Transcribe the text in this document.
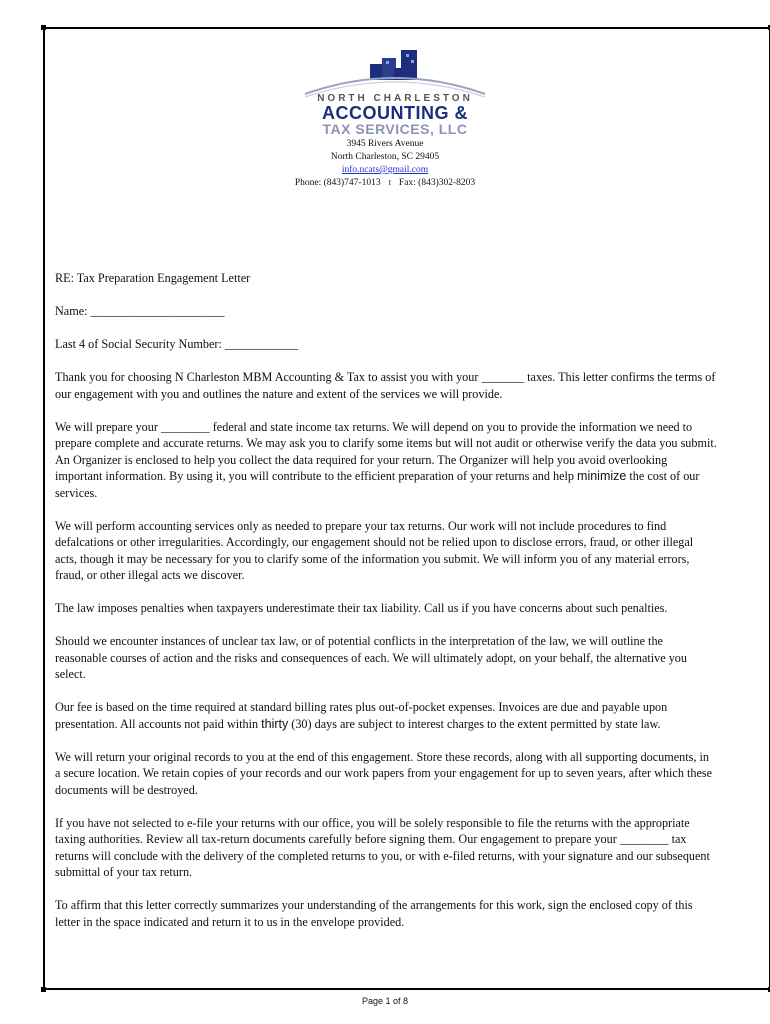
NORTH CHARLESTON
ACCOUNTING &
TAX SERVICES, LLC
3945 Rivers Avenue
North Charleston, SC 29405
info.ncats@gmail.com
Phone: (843)747-1013 I Fax: (843)302-8203

RE: Tax Preparation Engagement Letter

Name: ______________________

Last 4 of Social Security Number: ____________

Thank you for choosing N Charleston MBM Accounting & Tax to assist you with your _______ taxes. This letter confirms the terms of our engagement with you and outlines the nature and extent of the services we will provide.

We will prepare your ________ federal and state income tax returns. We will depend on you to provide the information we need to prepare complete and accurate returns. We may ask you to clarify some items but will not audit or otherwise verify the data you submit. An Organizer is enclosed to help you collect the data required for your return. The Organizer will help you avoid overlooking important information. By using it, you will contribute to the efficient preparation of your returns and help minimize the cost of our services.

We will perform accounting services only as needed to prepare your tax returns. Our work will not include procedures to find defalcations or other irregularities. Accordingly, our engagement should not be relied upon to disclose errors, fraud, or other illegal acts, though it may be necessary for you to clarify some of the information you submit. We will inform you of any material errors, fraud, or other illegal acts we discover.

The law imposes penalties when taxpayers underestimate their tax liability. Call us if you have concerns about such penalties.

Should we encounter instances of unclear tax law, or of potential conflicts in the interpretation of the law, we will outline the reasonable courses of action and the risks and consequences of each. We will ultimately adopt, on your behalf, the alternative you select.

Our fee is based on the time required at standard billing rates plus out-of-pocket expenses. Invoices are due and payable upon presentation. All accounts not paid within thirty (30) days are subject to interest charges to the extent permitted by state law.

We will return your original records to you at the end of this engagement. Store these records, along with all supporting documents, in a secure location. We retain copies of your records and our work papers from your engagement for up to seven years, after which these documents will be destroyed.

If you have not selected to e-file your returns with our office, you will be solely responsible to file the returns with the appropriate taxing authorities. Review all tax-return documents carefully before signing them. Our engagement to prepare your ________ tax returns will conclude with the delivery of the completed returns to you, or with e-filed returns, with your signature and our subsequent submittal of your tax return.

To affirm that this letter correctly summarizes your understanding of the arrangements for this work, sign the enclosed copy of this letter in the space indicated and return it to us in the envelope provided.

Page 1 of 8
